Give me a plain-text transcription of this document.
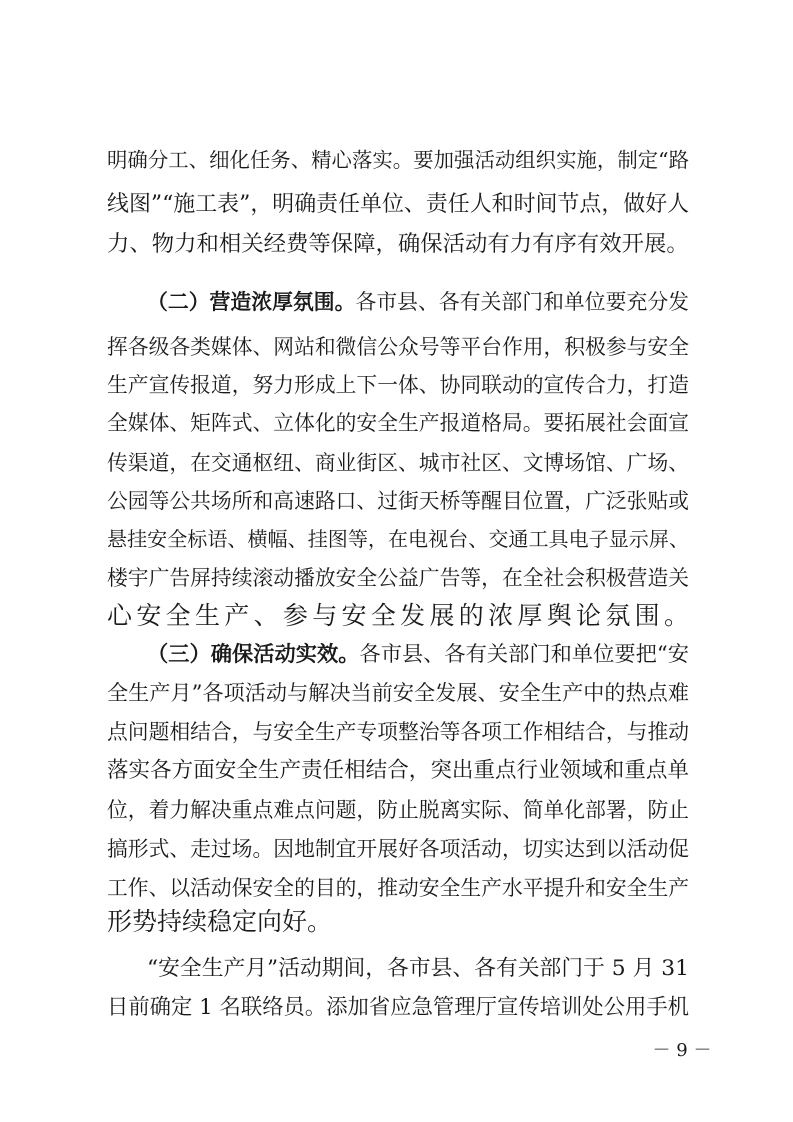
明确分工、细化任务、精心落实。要加强活动组织实施，制定“路
线图”“施工表”，明确责任单位、责任人和时间节点，做好人
力、物力和相关经费等保障，确保活动有力有序有效开展。
（二）营造浓厚氛围。各市县、各有关部门和单位要充分发
挥各级各类媒体、网站和微信公众号等平台作用，积极参与安全
生产宣传报道，努力形成上下一体、协同联动的宣传合力，打造
全媒体、矩阵式、立体化的安全生产报道格局。要拓展社会面宣
传渠道，在交通枢纽、商业街区、城市社区、文博场馆、广场、
公园等公共场所和高速路口、过街天桥等醒目位置，广泛张贴或
悬挂安全标语、横幅、挂图等，在电视台、交通工具电子显示屏、
楼宇广告屏持续滚动播放安全公益广告等，在全社会积极营造关
心安全生产、参与安全发展的浓厚舆论氛围。
（三）确保活动实效。各市县、各有关部门和单位要把“安
全生产月”各项活动与解决当前安全发展、安全生产中的热点难
点问题相结合，与安全生产专项整治等各项工作相结合，与推动
落实各方面安全生产责任相结合，突出重点行业领域和重点单
位，着力解决重点难点问题，防止脱离实际、简单化部署，防止
搞形式、走过场。因地制宜开展好各项活动，切实达到以活动促
工作、以活动保安全的目的，推动安全生产水平提升和安全生产
形势持续稳定向好。
“安全生产月”活动期间，各市县、各有关部门于 5 月 31
日前确定 1 名联络员。添加省应急管理厅宣传培训处公用手机
－ 9 －
